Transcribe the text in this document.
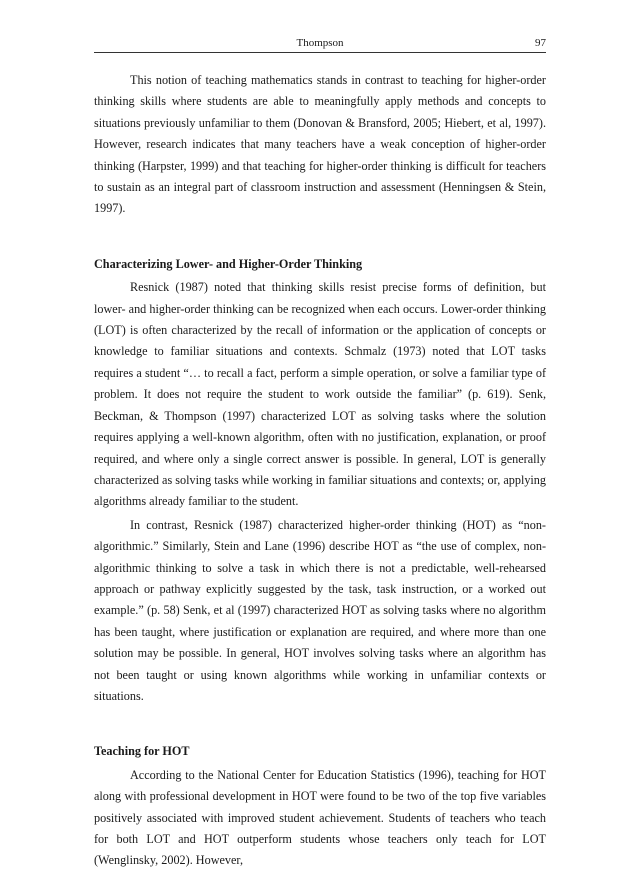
Thompson	97

This notion of teaching mathematics stands in contrast to teaching for higher-order thinking skills where students are able to meaningfully apply methods and concepts to situations previously unfamiliar to them (Donovan & Bransford, 2005; Hiebert, et al, 1997). However, research indicates that many teachers have a weak conception of higher-order thinking (Harpster, 1999) and that teaching for higher-order thinking is difficult for teachers to sustain as an integral part of classroom instruction and assessment (Henningsen & Stein, 1997).

Characterizing Lower- and Higher-Order Thinking

Resnick (1987) noted that thinking skills resist precise forms of definition, but lower- and higher-order thinking can be recognized when each occurs. Lower-order thinking (LOT) is often characterized by the recall of information or the application of concepts or knowledge to familiar situations and contexts. Schmalz (1973) noted that LOT tasks requires a student “… to recall a fact, perform a simple operation, or solve a familiar type of problem. It does not require the student to work outside the familiar” (p. 619). Senk, Beckman, & Thompson (1997) characterized LOT as solving tasks where the solution requires applying a well-known algorithm, often with no justification, explanation, or proof required, and where only a single correct answer is possible. In general, LOT is generally characterized as solving tasks while working in familiar situations and contexts; or, applying algorithms already familiar to the student.

In contrast, Resnick (1987) characterized higher-order thinking (HOT) as “non-algorithmic.” Similarly, Stein and Lane (1996) describe HOT as “the use of complex, non-algorithmic thinking to solve a task in which there is not a predictable, well-rehearsed approach or pathway explicitly suggested by the task, task instruction, or a worked out example.” (p. 58) Senk, et al (1997) characterized HOT as solving tasks where no algorithm has been taught, where justification or explanation are required, and where more than one solution may be possible. In general, HOT involves solving tasks where an algorithm has not been taught or using known algorithms while working in unfamiliar contexts or situations.

Teaching for HOT

According to the National Center for Education Statistics (1996), teaching for HOT along with professional development in HOT were found to be two of the top five variables positively associated with improved student achievement. Students of teachers who teach for both LOT and HOT outperform students whose teachers only teach for LOT (Wenglinsky, 2002). However,
